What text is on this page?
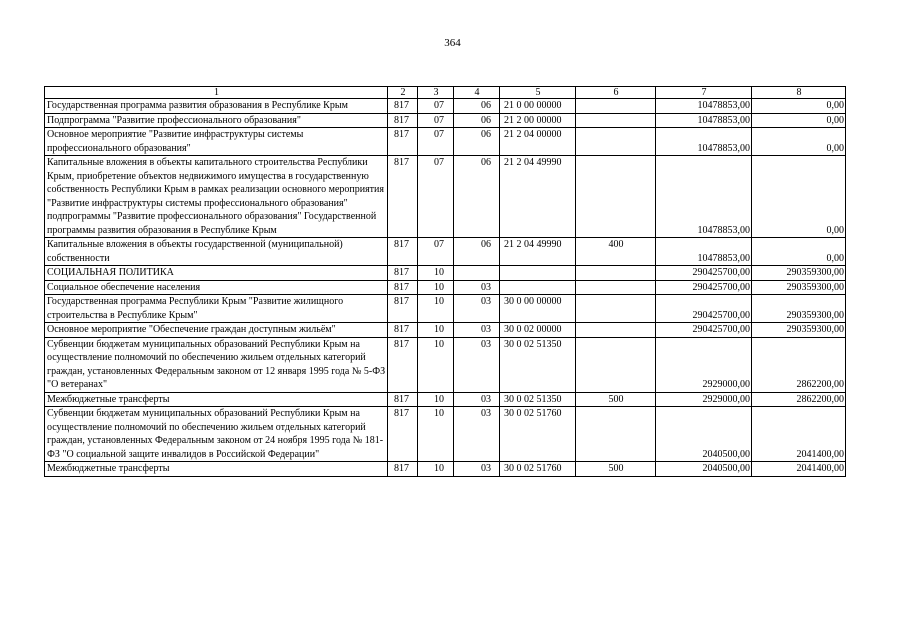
364
1	2	3	4	5	6	7	8
Государственная программа развития образования в Республике Крым	817	07	06	21 0 00 00000		10478853,00	0,00
Подпрограмма "Развитие профессионального образования"	817	07	06	21 2 00 00000		10478853,00	0,00
Основное мероприятие "Развитие инфраструктуры системы профессионального образования"	817	07	06	21 2 04 00000		10478853,00	0,00
Капитальные вложения в объекты капитального строительства Республики Крым, приобретение объектов недвижимого имущества в государственную собственность Республики Крым в рамках реализации основного мероприятия "Развитие инфраструктуры системы профессионального образования" подпрограммы "Развитие профессионального образования" Государственной программы развития образования в Республике Крым	817	07	06	21 2 04 49990		10478853,00	0,00
Капитальные вложения в объекты государственной (муниципальной) собственности	817	07	06	21 2 04 49990	400	10478853,00	0,00
СОЦИАЛЬНАЯ ПОЛИТИКА	817	10				290425700,00	290359300,00
Социальное обеспечение населения	817	10	03			290425700,00	290359300,00
Государственная программа Республики Крым "Развитие жилищного строительства в Республике Крым"	817	10	03	30 0 00 00000		290425700,00	290359300,00
Основное мероприятие "Обеспечение граждан доступным жильём"	817	10	03	30 0 02 00000		290425700,00	290359300,00
Субвенции бюджетам муниципальных образований Республики Крым на осуществление полномочий по обеспечению жильем отдельных категорий граждан, установленных Федеральным законом от 12 января 1995 года № 5-ФЗ "О ветеранах"	817	10	03	30 0 02 51350		2929000,00	2862200,00
Межбюджетные трансферты	817	10	03	30 0 02 51350	500	2929000,00	2862200,00
Субвенции бюджетам муниципальных образований Республики Крым на осуществление полномочий по обеспечению жильем отдельных категорий граждан, установленных Федеральным законом от 24 ноября 1995 года № 181-ФЗ "О социальной защите инвалидов в Российской Федерации"	817	10	03	30 0 02 51760		2040500,00	2041400,00
Межбюджетные трансферты	817	10	03	30 0 02 51760	500	2040500,00	2041400,00
